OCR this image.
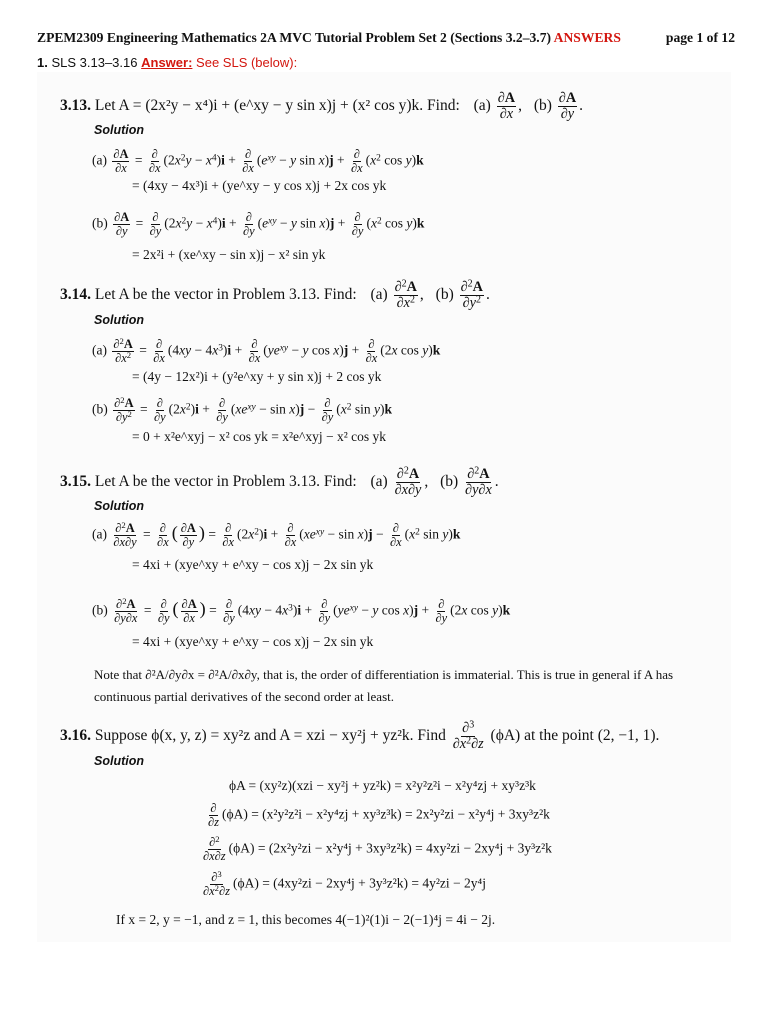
ZPEM2309 Engineering Mathematics 2A MVC Tutorial Problem Set 2 (Sections 3.2–3.7) ANSWERS	page 1 of 12
1. SLS 3.13–3.16 Answer: See SLS (below):
3.13. Let A = (2x²y − x⁴)i + (e^xy − y sin x)j + (x² cos y)k. Find: $(a) \frac{\partial A}{\partial x}$ , $(b) \frac{\partial A}{\partial y}$ .
Solution
$(a) \frac{\partial A}{\partial x}$ = ∂
∂x
$(2x^2y - x^4)i$ + ∂
∂x
($e^{xy} - y$ sin x)j + ∂
∂x
($x^2$ cos y)k
= (4xy − 4x³)i + (ye^xy − y cos x)j + 2x cos yk
$(b) \frac{\partial A}{\partial y}$ = ∂
∂y
$(2x^2y - x^4)i$ + ∂
∂y
($e^{xy} - y$ sin x)j + ∂
∂y
($x^2$ cos y)k
= 2x²i + (xe^xy − sin x)j − x² sin yk
3.14. Let A be the vector in Problem 3.13. Find: $(a) \frac{\partial^2A}{\partial x^2}$ , $(b) \frac{\partial^2A}{\partial y^2}$ .
Solution
$(a) \frac{\partial^2A}{\partial x^2}$ = ∂
∂x
$(4xy - 4x^3)i$ + ∂
∂x
($ye^{xy} - y$ cos x)j + ∂
∂x
(2x cos y)k
= (4y − 12x²)i + (y²e^xy + y sin x)j + 2 cos yk
$(b) \frac{\partial^2A}{\partial y^2}$ = ∂
∂y
$(2x^2)i$ + ∂
∂y
$(xe^{xy} - \sin x)j$ − ∂
∂y
($x^2$ sin y)k
= 0 + x²e^xyj − x² cos yk = x²e^xyj − x² cos yk
3.15. Let A be the vector in Problem 3.13. Find: $(a) \frac{\partial^2A}{\partial x\partial y}$ , $(b) \frac{\partial^2A}{\partial y\partial x}$ .
Solution
$(a) \frac{\partial^2A}{\partial x\partial y}$ = ∂
∂x ( $\frac{\partial A}{\partial y}$ ) = ∂
∂x
$(2x^2)i$ + ∂
∂x
$(xe^{xy} - \sin x)j$ − ∂
∂x
($x^2$ sin y)k
= 4xi + (xye^xy + e^xy − cos x)j − 2x sin yk
$(b) \frac{\partial^2A}{\partial y\partial x}$ = ∂
∂y ( $\frac{\partial A}{\partial x}$ ) = ∂
∂y
$(4xy - 4x^3)i$ + ∂
∂y
($ye^{xy} - y$ cos x)j + ∂
∂y
(2x cos y)k
= 4xi + (xye^xy + e^xy − cos x)j − 2x sin yk
Note that ∂²A/∂y∂x = ∂²A/∂x∂y, that is, the order of differentiation is immaterial. This is true in general if A has
continuous partial derivatives of the second order at least.
3.16. Suppose ϕ(x, y, z) = xy²z and A = xzi − xy²j + yz²k. Find $\frac{\partial^3}{\partial x^2\partial z} (\phi A)$ at the point (2, −1, 1).
Solution
ϕA = (xy²z)(xzi − xy²j + yz²k) = x²y²z²i − x²y⁴zj + xy³z³k
∂
∂z
(ϕA) = (x²y²z²i − x²y⁴zj + xy³z³k) = 2x²y²zi − x²y⁴j + 3xy³z²k
$\frac{\partial^2}{\partial x\partial z} (\phi A) = (2x^2y^2zi - x^2y^4j + 3xy^3z^2k) = 4xy^2zi - 2xy^4j + 3y^3z^2k$
$\frac{\partial^3}{\partial x^2\partial z} (\phi A) = (4xy^2zi - 2xy^4j + 3y^3z^2k) = 4y^2zi - 2y^4j$
If x = 2, y = −1, and z = 1, this becomes 4(−1)²(1)i − 2(−1)⁴j = 4i − 2j.
